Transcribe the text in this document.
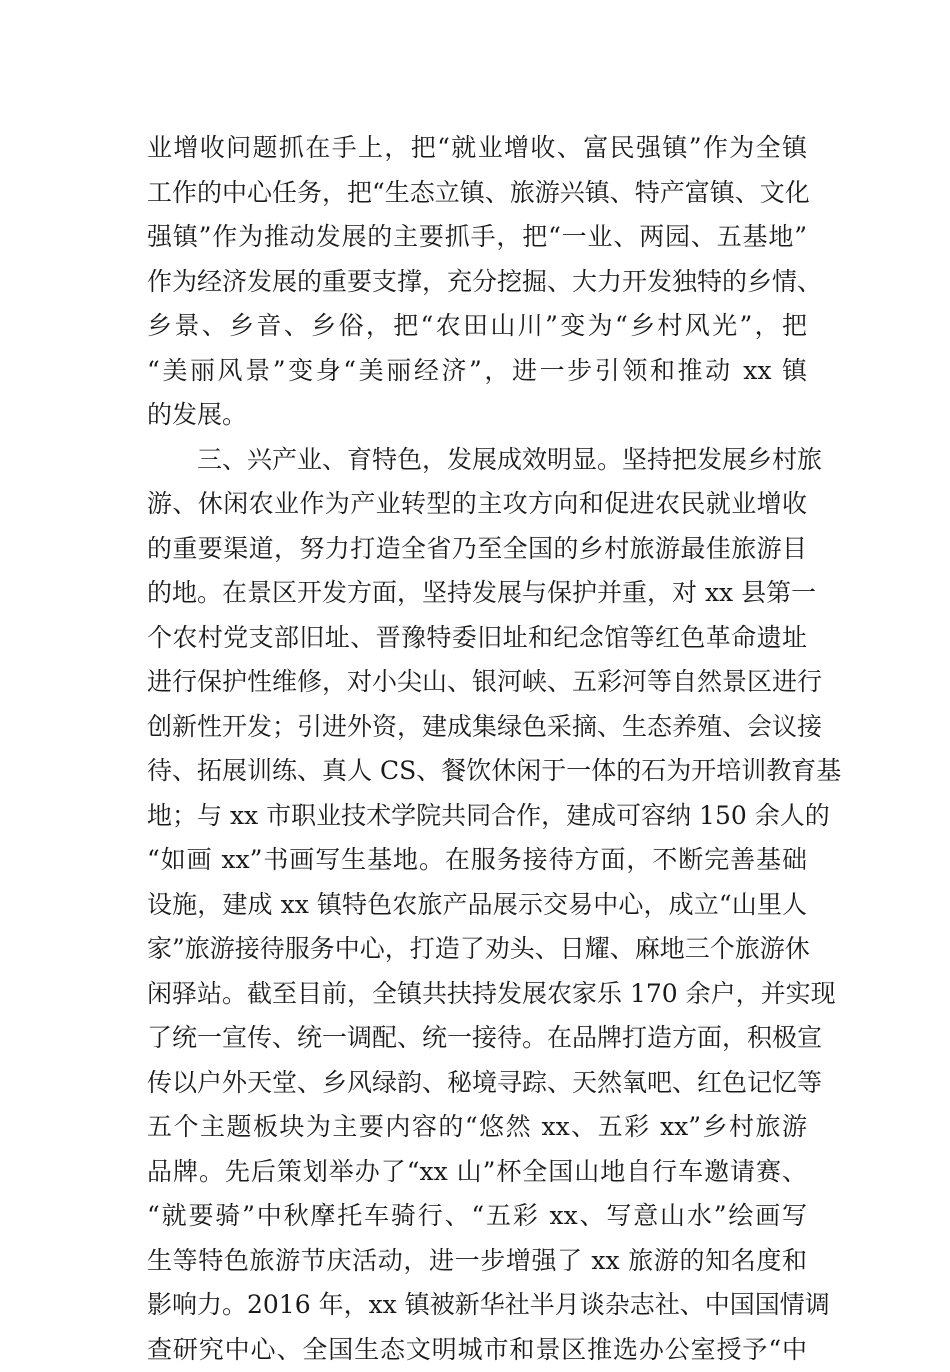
业增收问题抓在手上，把“就业增收、富民强镇”作为全镇
工作的中心任务，把“生态立镇、旅游兴镇、特产富镇、文化
强镇”作为推动发展的主要抓手，把“一业、两园、五基地”
作为经济发展的重要支撑，充分挖掘、大力开发独特的乡情、
乡景、乡音、乡俗，把“农田山川”变为“乡村风光”，把
“美丽风景”变身“美丽经济”，进一步引领和推动 xx 镇
的发展。
　　三、兴产业、育特色，发展成效明显。坚持把发展乡村旅
游、休闲农业作为产业转型的主攻方向和促进农民就业增收
的重要渠道，努力打造全省乃至全国的乡村旅游最佳旅游目
的地。在景区开发方面，坚持发展与保护并重，对 xx 县第一
个农村党支部旧址、晋豫特委旧址和纪念馆等红色革命遗址
进行保护性维修，对小尖山、银河峡、五彩河等自然景区进行
创新性开发；引进外资，建成集绿色采摘、生态养殖、会议接
待、拓展训练、真人 CS、餐饮休闲于一体的石为开培训教育基
地；与 xx 市职业技术学院共同合作，建成可容纳 150 余人的
“如画 xx”书画写生基地。在服务接待方面，不断完善基础
设施，建成 xx 镇特色农旅产品展示交易中心，成立“山里人
家”旅游接待服务中心，打造了劝头、日耀、麻地三个旅游休
闲驿站。截至目前，全镇共扶持发展农家乐 170 余户，并实现
了统一宣传、统一调配、统一接待。在品牌打造方面，积极宣
传以户外天堂、乡风绿韵、秘境寻踪、天然氧吧、红色记忆等
五个主题板块为主要内容的“悠然 xx、五彩 xx”乡村旅游
品牌。先后策划举办了“xx 山”杯全国山地自行车邀请赛、
“就要骑”中秋摩托车骑行、“五彩 xx、写意山水”绘画写
生等特色旅游节庆活动，进一步增强了 xx 旅游的知名度和
影响力。2016 年，xx 镇被新华社半月谈杂志社、中国国情调
查研究中心、全国生态文明城市和景区推选办公室授予“中
